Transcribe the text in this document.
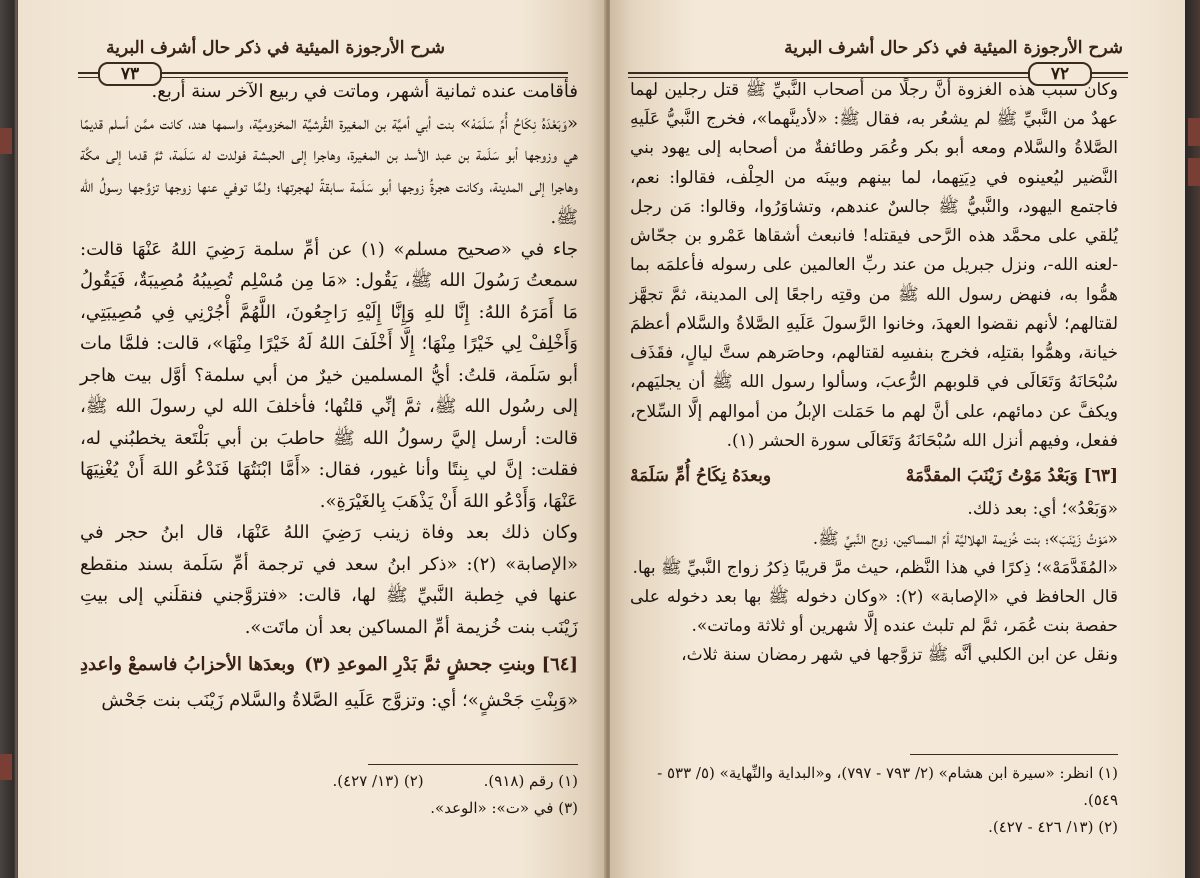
شرح الأرجوزة الميئية في ذكر حال أشرف البرية
٧٣

فأقامت عنده ثمانية أشهر، وماتت في ربيع الآخر سنة أربع.

«وَبَعْدَهُ نِكَاحُ أُمِّ سَلَمَهْ» بنت أبي أميَّة بن المغيرة القُرشيَّة المخزوميَّة، واسمها هند، كانت ممَّن أسلم قديمًا هي وزوجها أبو سَلَمة بن عبد الأسد بن المغيرة، وهاجرا إلى الحبشة فولدت له سَلَمة، ثمَّ قدما إلى مكَّة وهاجرا إلى المدينة، وكانت هجرةُ زوجها أبو سَلَمة سابقةً لهجرتها؛ ولمَّا توفي عنها زوجها تزوَّجها رسولُ الله ﷺ.

جاء في «صحيح مسلم» (١) عن أمِّ سلمة رَضِيَ اللهُ عَنْهَا قالت: سمعتُ رَسُولَ الله ﷺ، يَقُول: «مَا مِن مُسْلِم تُصِيبُهُ مُصِيبَةٌ، فَيَقُولُ مَا أَمَرَهُ اللهُ: إِنَّا للهِ وَإِنَّا إِلَيْهِ رَاجِعُونَ، اللَّهُمَّ أْجُرْنِي فِي مُصِيبَتِي، وَأَخْلِفْ لِي خَيْرًا مِنْهَا؛ إِلَّا أَخْلَفَ اللهُ لَهُ خَيْرًا مِنْهَا»، قالت: فلمَّا مات أبو سَلَمة، قلتُ: أيُّ المسلمين خيرٌ من أبي سلمة؟ أوَّل بيت هاجر إلى رسُول الله ﷺ، ثمَّ إنِّي قلتُها؛ فأخلفَ الله لي رسولَ الله ﷺ، قالت: أرسل إليَّ رسولُ الله ﷺ حاطبَ بن أبي بَلْتَعة يخطبُني له، فقلت: إنَّ لي بِنتًا وأنا غيور، فقال: «أَمَّا ابْنَتُهَا فَنَدْعُو اللهَ أَنْ يُغْنِيَهَا عَنْهَا، وَأَدْعُو اللهَ أَنْ يَذْهَبَ بِالغَيْرَةِ».

وكان ذلك بعد وفاة زينب رَضِيَ اللهُ عَنْهَا، قال ابنُ حجر في «الإصابة» (٢): «ذكر ابنُ سعد في ترجمة أمِّ سَلَمة بسند منقطع عنها في خِطبة النَّبيِّ ﷺ لها، قالت: «فتزوَّجني فنقلَني إلى بيتِ زَيْنَب بنت خُزيمة أمِّ المساكين بعد أن ماتَت».

[٦٤] وبنتِ جحشٍ ثمَّ بَدْرِ الموعدِ (٣)
وبعدَها الأحزابُ فاسمعْ واعددِ

«وَبِنْتِ جَحْشٍ»؛ أي: وتزوَّج عَلَيهِ الصَّلاةُ والسَّلام زَيْنَب بنت جَحْش

(١) رقم (٩١٨).
(٢) (١٣/ ٤٢٧).
(٣) في «ت»: «الوعد».
شرح الأرجوزة الميئية في ذكر حال أشرف البرية
٧٢

وكان سبب هذه الغزوة أنَّ رجلًا من أصحاب النَّبيِّ ﷺ قتل رجلين لهما عهدٌ من النَّبيِّ ﷺ لم يشعُر به، فقال ﷺ: «لأدينَّهما»، فخرج النَّبيُّ عَلَيهِ الصَّلاةُ والسَّلام ومعه أبو بكر وعُمَر وطائفةٌ من أصحابه إلى يهود بني النَّضير ليُعينوه في دِيَتِهما، لما بينهم وبينَه من الحِلْف، فقالوا: نعم، فاجتمع اليهود، والنَّبيُّ ﷺ جالسٌ عندهم، وتشاوَرُوا، وقالوا: مَن رجل يُلقي على محمَّد هذه الرَّحى فيقتله! فانبعث أشقاها عَمْرو بن جحّاش -لعنه الله-، ونزل جبريل من عند ربِّ العالمين على رسوله فأعلمَه بما همُّوا به، فنهض رسول الله ﷺ من وقتِه راجعًا إلى المدينة، ثمَّ تجهَّز لقتالهم؛ لأنهم نقضوا العهدَ، وخانوا الرَّسولَ عَلَيهِ الصَّلاةُ والسَّلام أعظمَ خيانة، وهمُّوا بقتلِه، فخرج بنفسِه لقتالهم، وحاصَرهم ستَّ ليالٍ، فقَذَف سُبْحَانَهُ وَتَعَالَى في قلوبهم الرُّعبَ، وسألوا رسول الله ﷺ أن يجليَهم، ويكفَّ عن دمائهم، على أنَّ لهم ما حَمَلت الإبلُ من أموالهم إلَّا السِّلاح، ففعل، وفيهم أنزل الله سُبْحَانَهُ وَتَعَالَى سورة الحشر (١).

[٦٣] وَبَعْدُ مَوْتُ زَيْنَبَ المقدَّمَهْ
وبعدَهُ نِكَاحُ أُمِّ سَلَمَهْ

«وَبَعْدُ»؛ أي: بعد ذلك.

«مَوْتُ زَيْنَبَ»؛ بنت خُزيمة الهلاليَّة أمِّ المساكين، زوج النَّبيِّ ﷺ.

«المُقَدَّمَهْ»؛ ذِكرًا في هذا النَّظم، حيث مرَّ قريبًا ذِكرُ زواج النَّبيِّ ﷺ بها.

قال الحافظ في «الإصابة» (٢): «وكان دخوله ﷺ بها بعد دخوله على حفصة بنت عُمَر، ثمَّ لم تلبث عنده إلَّا شهرين أو ثلاثة وماتت».

ونقل عن ابن الكلبي أنَّه ﷺ تزوَّجها في شهر رمضان سنة ثلاث،

(١) انظر: «سيرة ابن هشام» (٢/ ٧٩٣ - ٧٩٧)، و«البداية والنِّهاية» (٥/ ٥٣٣ - ٥٤٩).
(٢) (١٣/ ٤٢٦ - ٤٢٧).
